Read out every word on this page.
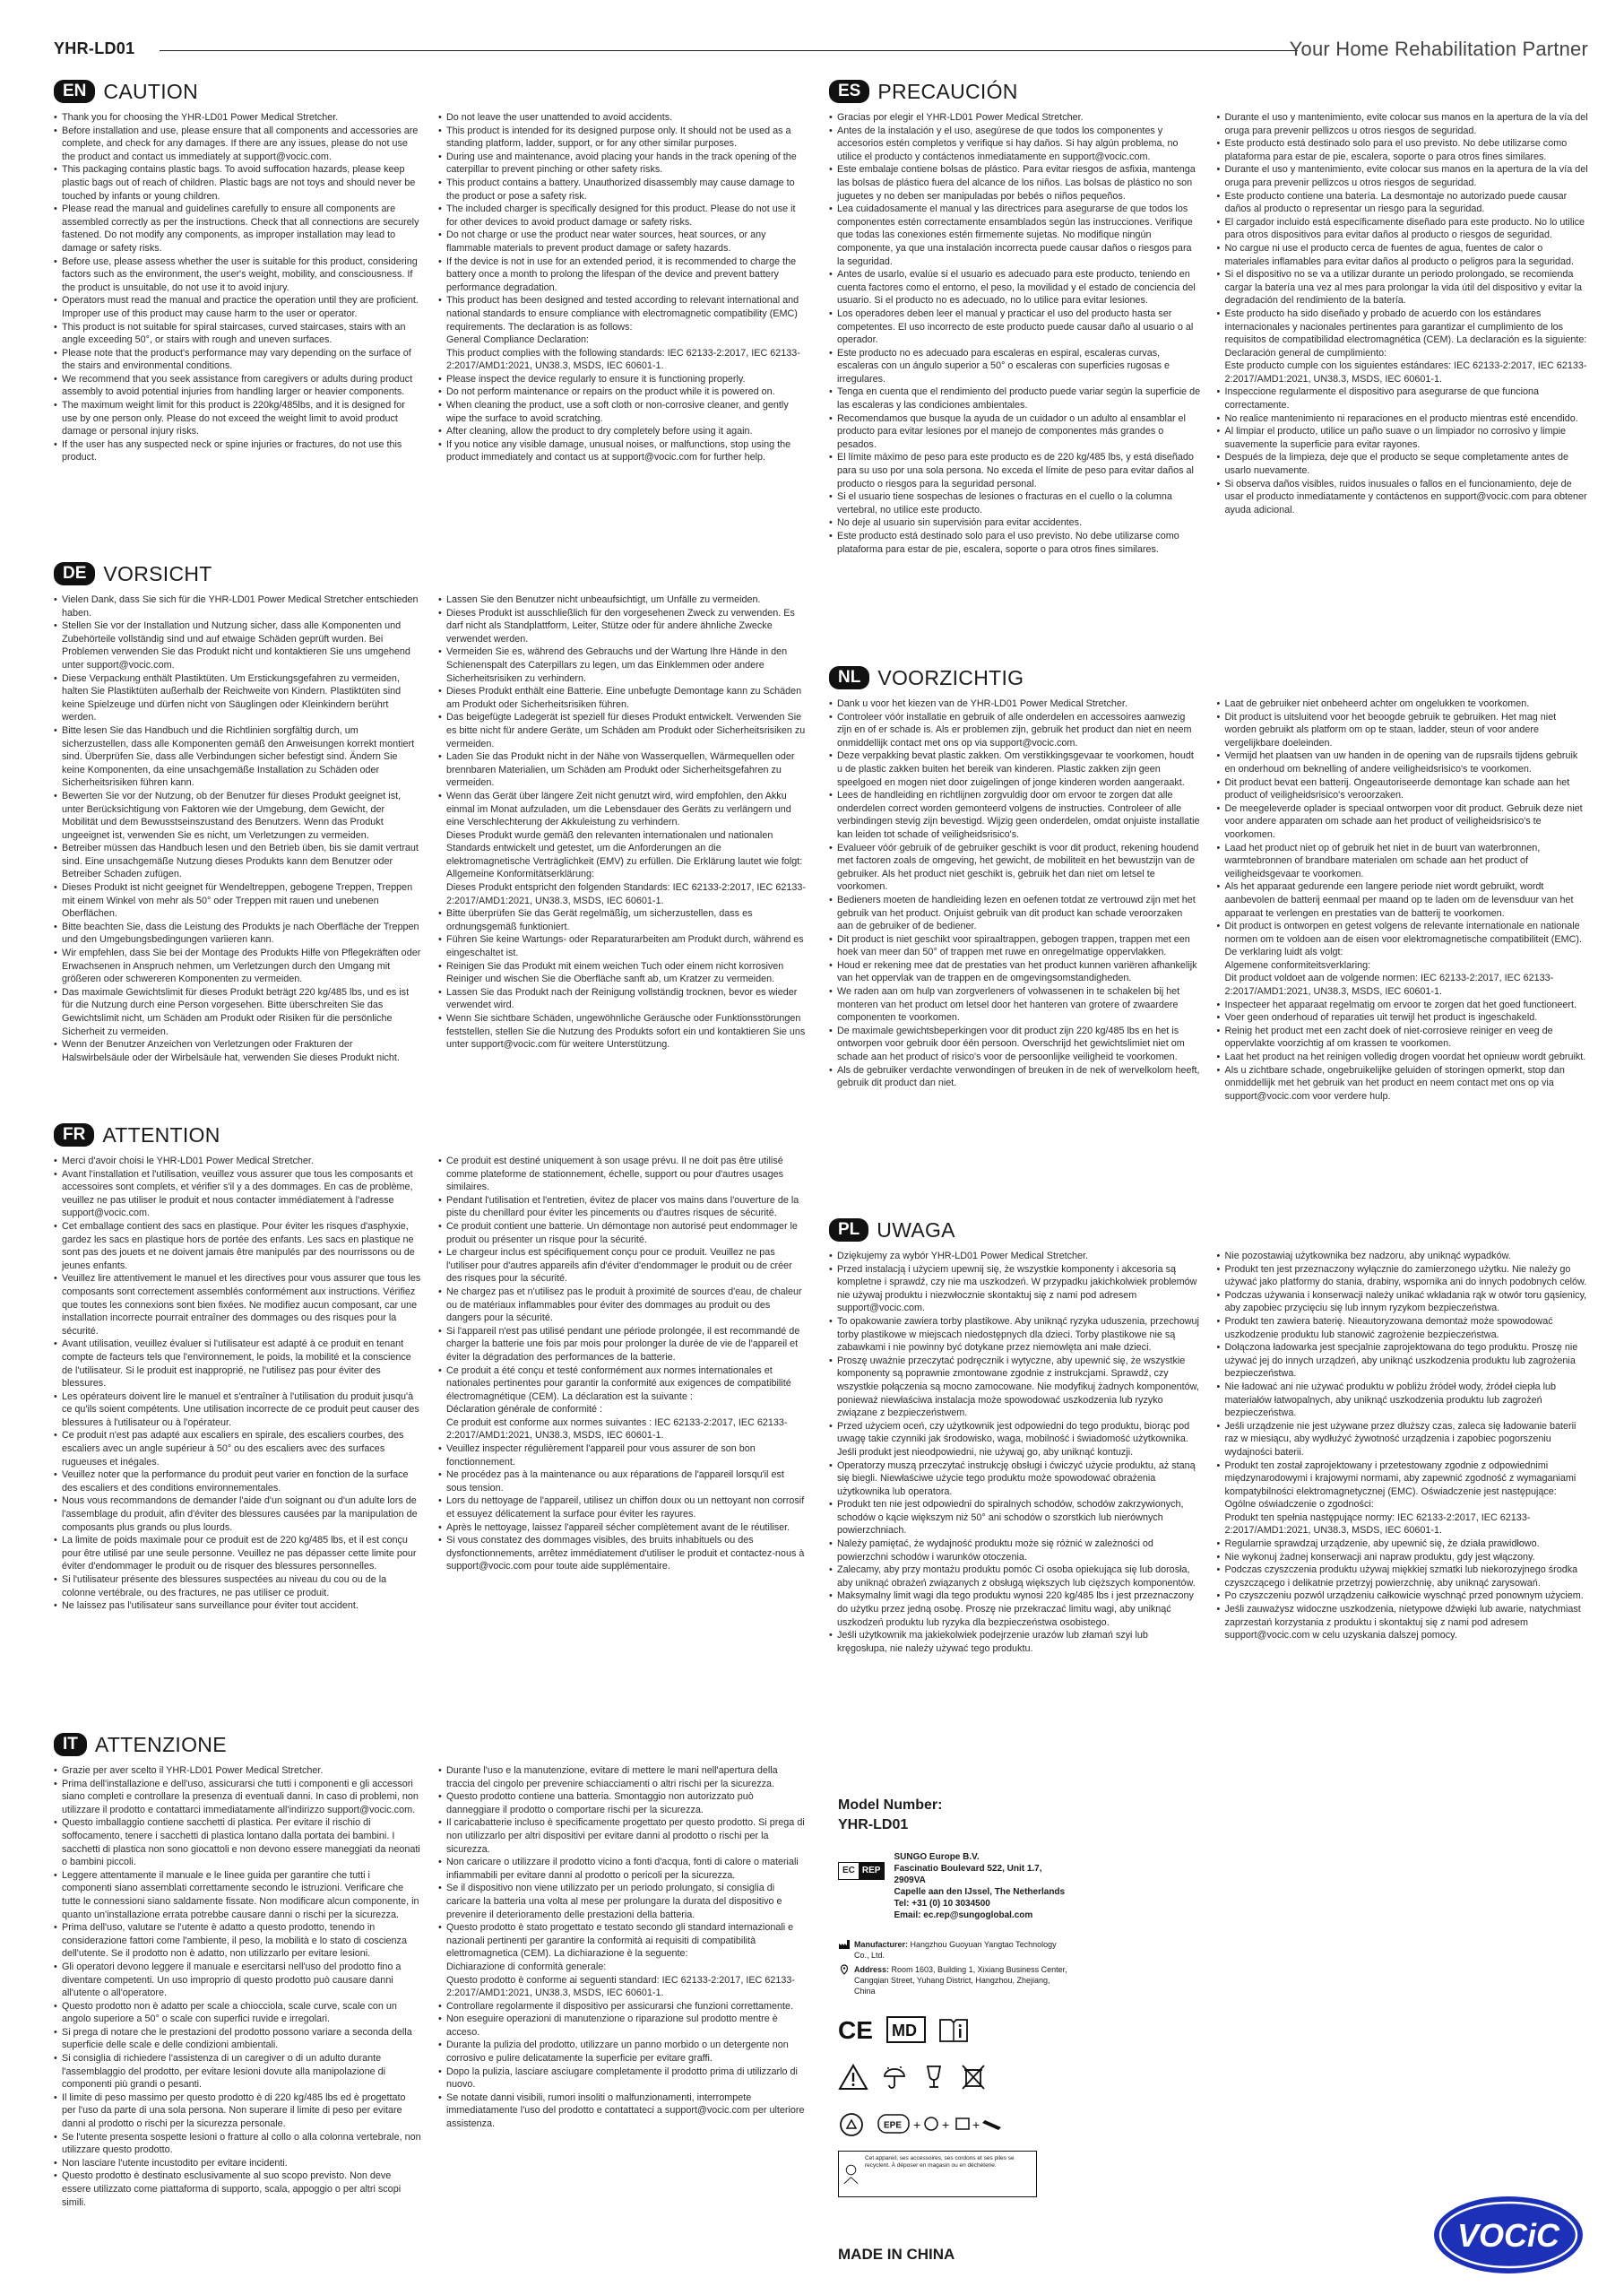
YHR-LD01	Your Home Rehabilitation Partner
EN CAUTION
• Thank you for choosing the YHR-LD01 Power Medical Stretcher.
• Before installation and use, please ensure that all components and accessories are complete, and check for any damages. If there are any issues, please do not use the product and contact us immediately at support@vocic.com.
• This packaging contains plastic bags. To avoid suffocation hazards, please keep plastic bags out of reach of children. Plastic bags are not toys and should never be touched by infants or young children.
• Please read the manual and guidelines carefully to ensure all components are assembled correctly as per the instructions. Check that all connections are securely fastened. Do not modify any components, as improper installation may lead to damage or safety risks.
• Before use, please assess whether the user is suitable for this product, considering factors such as the environment, the user's weight, mobility, and consciousness. If the product is unsuitable, do not use it to avoid injury.
• Operators must read the manual and practice the operation until they are proficient. Improper use of this product may cause harm to the user or operator.
• This product is not suitable for spiral staircases, curved staircases, stairs with an angle exceeding 50°, or stairs with rough and uneven surfaces.
• Please note that the product's performance may vary depending on the surface of the stairs and environmental conditions.
• We recommend that you seek assistance from caregivers or adults during product assembly to avoid potential injuries from handling larger or heavier components.
• The maximum weight limit for this product is 220kg/485lbs, and it is designed for use by one person only. Please do not exceed the weight limit to avoid product damage or personal injury risks.
• If the user has any suspected neck or spine injuries or fractures, do not use this product.
• Do not leave the user unattended to avoid accidents.
• This product is intended for its designed purpose only. It should not be used as a standing platform, ladder, support, or for any other similar purposes.
• During use and maintenance, avoid placing your hands in the track opening of the caterpillar to prevent pinching or other safety risks.
• This product contains a battery. Unauthorized disassembly may cause damage to the product or pose a safety risk.
• The included charger is specifically designed for this product. Please do not use it for other devices to avoid product damage or safety risks.
• Do not charge or use the product near water sources, heat sources, or any flammable materials to prevent product damage or safety hazards.
• If the device is not in use for an extended period, it is recommended to charge the battery once a month to prolong the lifespan of the device and prevent battery performance degradation.
• This product has been designed and tested according to relevant international and national standards to ensure compliance with electromagnetic compatibility (EMC) requirements. The declaration is as follows:
General Compliance Declaration:
This product complies with the following standards: IEC 62133-2:2017, IEC 62133-2:2017/AMD1:2021, UN38.3, MSDS, IEC 60601-1.
• Please inspect the device regularly to ensure it is functioning properly.
• Do not perform maintenance or repairs on the product while it is powered on.
• When cleaning the product, use a soft cloth or non-corrosive cleaner, and gently wipe the surface to avoid scratching.
• After cleaning, allow the product to dry completely before using it again.
• If you notice any visible damage, unusual noises, or malfunctions, stop using the product immediately and contact us at support@vocic.com for further help.
DE VORSICHT
• Vielen Dank, dass Sie sich für die YHR-LD01 Power Medical Stretcher entschieden haben.
• Stellen Sie vor der Installation und Nutzung sicher, dass alle Komponenten und Zubehörteile vollständig sind und auf etwaige Schäden geprüft wurden. Bei Problemen verwenden Sie das Produkt nicht und kontaktieren Sie uns umgehend unter support@vocic.com.
• Diese Verpackung enthält Plastiktüten. Um Erstickungsgefahren zu vermeiden, halten Sie Plastiktüten außerhalb der Reichweite von Kindern. Plastiktüten sind keine Spielzeuge und dürfen nicht von Säuglingen oder Kleinkindern berührt werden.
• Bitte lesen Sie das Handbuch und die Richtlinien sorgfältig durch, um sicherzustellen, dass alle Komponenten gemäß den Anweisungen korrekt montiert sind. Überprüfen Sie, dass alle Verbindungen sicher befestigt sind. Ändern Sie keine Komponenten, da eine unsachgemäße Installation zu Schäden oder Sicherheitsrisiken führen kann.
• Bewerten Sie vor der Nutzung, ob der Benutzer für dieses Produkt geeignet ist, unter Berücksichtigung von Faktoren wie der Umgebung, dem Gewicht, der Mobilität und dem Bewusstseinszustand des Benutzers. Wenn das Produkt ungeeignet ist, verwenden Sie es nicht, um Verletzungen zu vermeiden.
• Betreiber müssen das Handbuch lesen und den Betrieb üben, bis sie damit vertraut sind. Eine unsachgemäße Nutzung dieses Produkts kann dem Benutzer oder Betreiber Schaden zufügen.
• Dieses Produkt ist nicht geeignet für Wendeltreppen, gebogene Treppen, Treppen mit einem Winkel von mehr als 50° oder Treppen mit rauen und unebenen Oberflächen.
• Bitte beachten Sie, dass die Leistung des Produkts je nach Oberfläche der Treppen und den Umgebungsbedingungen variieren kann.
• Wir empfehlen, dass Sie bei der Montage des Produkts Hilfe von Pflegekräften oder Erwachsenen in Anspruch nehmen, um Verletzungen durch den Umgang mit größeren oder schwereren Komponenten zu vermeiden.
• Das maximale Gewichtslimit für dieses Produkt beträgt 220 kg/485 lbs, und es ist für die Nutzung durch eine Person vorgesehen. Bitte überschreiten Sie das Gewichtslimit nicht, um Schäden am Produkt oder Risiken für die persönliche Sicherheit zu vermeiden.
• Wenn der Benutzer Anzeichen von Verletzungen oder Frakturen der Halswirbelsäule oder der Wirbelsäule hat, verwenden Sie dieses Produkt nicht.
• Lassen Sie den Benutzer nicht unbeaufsichtigt, um Unfälle zu vermeiden.
• Dieses Produkt ist ausschließlich für den vorgesehenen Zweck zu verwenden. Es darf nicht als Standplattform, Leiter, Stütze oder für andere ähnliche Zwecke verwendet werden.
• Vermeiden Sie es, während des Gebrauchs und der Wartung Ihre Hände in den Schienenspalt des Caterpillars zu legen, um das Einklemmen oder andere Sicherheitsrisiken zu verhindern.
• Dieses Produkt enthält eine Batterie. Eine unbefugte Demontage kann zu Schäden am Produkt oder Sicherheitsrisiken führen.
• Das beigefügte Ladegerät ist speziell für dieses Produkt entwickelt. Verwenden Sie es bitte nicht für andere Geräte, um Schäden am Produkt oder Sicherheitsrisiken zu vermeiden.
• Laden Sie das Produkt nicht in der Nähe von Wasserquellen, Wärmequellen oder brennbaren Materialien, um Schäden am Produkt oder Sicherheitsgefahren zu vermeiden.
• Wenn das Gerät über längere Zeit nicht genutzt wird, wird empfohlen, den Akku einmal im Monat aufzuladen, um die Lebensdauer des Geräts zu verlängern und eine Verschlechterung der Akkuleistung zu verhindern.
Dieses Produkt wurde gemäß den relevanten internationalen und nationalen Standards entwickelt und getestet, um die Anforderungen an die elektromagnetische Verträglichkeit (EMV) zu erfüllen. Die Erklärung lautet wie folgt:
Allgemeine Konformitätserklärung:
Dieses Produkt entspricht den folgenden Standards: IEC 62133-2:2017, IEC 62133-2:2017/AMD1:2021, UN38.3, MSDS, IEC 60601-1.
• Bitte überprüfen Sie das Gerät regelmäßig, um sicherzustellen, dass es ordnungsgemäß funktioniert.
• Führen Sie keine Wartungs- oder Reparaturarbeiten am Produkt durch, während es eingeschaltet ist.
• Reinigen Sie das Produkt mit einem weichen Tuch oder einem nicht korrosiven Reiniger und wischen Sie die Oberfläche sanft ab, um Kratzer zu vermeiden.
• Lassen Sie das Produkt nach der Reinigung vollständig trocknen, bevor es wieder verwendet wird.
• Wenn Sie sichtbare Schäden, ungewöhnliche Geräusche oder Funktionsstörungen feststellen, stellen Sie die Nutzung des Produkts sofort ein und kontaktieren Sie uns unter support@vocic.com für weitere Unterstützung.
FR ATTENTION
• Merci d'avoir choisi le YHR-LD01 Power Medical Stretcher.
• Avant l'installation et l'utilisation, veuillez vous assurer que tous les composants et accessoires sont complets, et vérifier s'il y a des dommages. En cas de problème, veuillez ne pas utiliser le produit et nous contacter immédiatement à l'adresse support@vocic.com.
• Cet emballage contient des sacs en plastique. Pour éviter les risques d'asphyxie, gardez les sacs en plastique hors de portée des enfants. Les sacs en plastique ne sont pas des jouets et ne doivent jamais être manipulés par des nourrissons ou de jeunes enfants.
• Veuillez lire attentivement le manuel et les directives pour vous assurer que tous les composants sont correctement assemblés conformément aux instructions. Vérifiez que toutes les connexions sont bien fixées. Ne modifiez aucun composant, car une installation incorrecte pourrait entraîner des dommages ou des risques pour la sécurité.
• Avant utilisation, veuillez évaluer si l'utilisateur est adapté à ce produit en tenant compte de facteurs tels que l'environnement, le poids, la mobilité et la conscience de l'utilisateur. Si le produit est inapproprié, ne l'utilisez pas pour éviter des blessures.
• Les opérateurs doivent lire le manuel et s'entraîner à l'utilisation du produit jusqu'à ce qu'ils soient compétents. Une utilisation incorrecte de ce produit peut causer des blessures à l'utilisateur ou à l'opérateur.
• Ce produit n'est pas adapté aux escaliers en spirale, des escaliers courbes, des escaliers avec un angle supérieur à 50° ou des escaliers avec des surfaces rugueuses et inégales.
• Veuillez noter que la performance du produit peut varier en fonction de la surface des escaliers et des conditions environnementales.
• Nous vous recommandons de demander l'aide d'un soignant ou d'un adulte lors de l'assemblage du produit, afin d'éviter des blessures causées par la manipulation de composants plus grands ou plus lourds.
• La limite de poids maximale pour ce produit est de 220 kg/485 lbs, et il est conçu pour être utilisé par une seule personne. Veuillez ne pas dépasser cette limite pour éviter d'endommager le produit ou de risquer des blessures personnelles.
• Si l'utilisateur présente des blessures suspectées au niveau du cou ou de la colonne vertébrale, ou des fractures, ne pas utiliser ce produit.
• Ne laissez pas l'utilisateur sans surveillance pour éviter tout accident.
• Ce produit est destiné uniquement à son usage prévu. Il ne doit pas être utilisé comme plateforme de stationnement, échelle, support ou pour d'autres usages similaires.
• Pendant l'utilisation et l'entretien, évitez de placer vos mains dans l'ouverture de la piste du chenillard pour éviter les pincements ou d'autres risques de sécurité.
• Ce produit contient une batterie. Un démontage non autorisé peut endommager le produit ou présenter un risque pour la sécurité.
• Le chargeur inclus est spécifiquement conçu pour ce produit. Veuillez ne pas l'utiliser pour d'autres appareils afin d'éviter d'endommager le produit ou de créer des risques pour la sécurité.
• Ne chargez pas et n'utilisez pas le produit à proximité de sources d'eau, de chaleur ou de matériaux inflammables pour éviter des dommages au produit ou des dangers pour la sécurité.
• Si l'appareil n'est pas utilisé pendant une période prolongée, il est recommandé de charger la batterie une fois par mois pour prolonger la durée de vie de l'appareil et éviter la dégradation des performances de la batterie.
• Ce produit a été conçu et testé conformément aux normes internationales et nationales pertinentes pour garantir la conformité aux exigences de compatibilité électromagnétique (CEM). La déclaration est la suivante :
Déclaration générale de conformité :
Ce produit est conforme aux normes suivantes : IEC 62133-2:2017, IEC 62133-2:2017/AMD1:2021, UN38.3, MSDS, IEC 60601-1.
• Veuillez inspecter régulièrement l'appareil pour vous assurer de son bon fonctionnement.
• Ne procédez pas à la maintenance ou aux réparations de l'appareil lorsqu'il est sous tension.
• Lors du nettoyage de l'appareil, utilisez un chiffon doux ou un nettoyant non corrosif et essuyez délicatement la surface pour éviter les rayures.
• Après le nettoyage, laissez l'appareil sécher complètement avant de le réutiliser.
• Si vous constatez des dommages visibles, des bruits inhabituels ou des dysfonctionnements, arrêtez immédiatement d'utiliser le produit et contactez-nous à support@vocic.com pour toute aide supplémentaire.
IT ATTENZIONE
• Grazie per aver scelto il YHR-LD01 Power Medical Stretcher.
• Prima dell'installazione e dell'uso, assicurarsi che tutti i componenti e gli accessori siano completi e controllare la presenza di eventuali danni. In caso di problemi, non utilizzare il prodotto e contattarci immediatamente all'indirizzo support@vocic.com.
• Questo imballaggio contiene sacchetti di plastica. Per evitare il rischio di soffocamento, tenere i sacchetti di plastica lontano dalla portata dei bambini. I sacchetti di plastica non sono giocattoli e non devono essere maneggiati da neonati o bambini piccoli.
• Leggere attentamente il manuale e le linee guida per garantire che tutti i componenti siano assemblati correttamente secondo le istruzioni. Verificare che tutte le connessioni siano saldamente fissate. Non modificare alcun componente, in quanto un'installazione errata potrebbe causare danni o rischi per la sicurezza.
• Prima dell'uso, valutare se l'utente è adatto a questo prodotto, tenendo in considerazione fattori come l'ambiente, il peso, la mobilità e lo stato di coscienza dell'utente. Se il prodotto non è adatto, non utilizzarlo per evitare lesioni.
• Gli operatori devono leggere il manuale e esercitarsi nell'uso del prodotto fino a diventare competenti. Un uso improprio di questo prodotto può causare danni all'utente o all'operatore.
• Questo prodotto non è adatto per scale a chiocciola, scale curve, scale con un angolo superiore a 50° o scale con superfici ruvide e irregolari.
• Si prega di notare che le prestazioni del prodotto possono variare a seconda della superficie delle scale e delle condizioni ambientali.
• Si consiglia di richiedere l'assistenza di un caregiver o di un adulto durante l'assemblaggio del prodotto, per evitare lesioni dovute alla manipolazione di componenti più grandi o pesanti.
• Il limite di peso massimo per questo prodotto è di 220 kg/485 lbs ed è progettato per l'uso da parte di una sola persona. Non superare il limite di peso per evitare danni al prodotto o rischi per la sicurezza personale.
• Se l'utente presenta sospette lesioni o fratture al collo o alla colonna vertebrale, non utilizzare questo prodotto.
• Non lasciare l'utente incustodito per evitare incidenti.
• Questo prodotto è destinato esclusivamente al suo scopo previsto. Non deve essere utilizzato come piattaforma di supporto, scala, appoggio o per altri scopi simili.
• Durante l'uso e la manutenzione, evitare di mettere le mani nell'apertura della traccia del cingolo per prevenire schiacciamenti o altri rischi per la sicurezza.
• Questo prodotto contiene una batteria. Smontaggio non autorizzato può danneggiare il prodotto o comportare rischi per la sicurezza.
• Il caricabatterie incluso è specificamente progettato per questo prodotto. Si prega di non utilizzarlo per altri dispositivi per evitare danni al prodotto o rischi per la sicurezza.
• Non caricare o utilizzare il prodotto vicino a fonti d'acqua, fonti di calore o materiali infiammabili per evitare danni al prodotto o pericoli per la sicurezza.
• Se il dispositivo non viene utilizzato per un periodo prolungato, si consiglia di caricare la batteria una volta al mese per prolungare la durata del dispositivo e prevenire il deterioramento delle prestazioni della batteria.
• Questo prodotto è stato progettato e testato secondo gli standard internazionali e nazionali pertinenti per garantire la conformità ai requisiti di compatibilità elettromagnetica (CEM). La dichiarazione è la seguente:
Dichiarazione di conformità generale:
Questo prodotto è conforme ai seguenti standard: IEC 62133-2:2017, IEC 62133-2:2017/AMD1:2021, UN38.3, MSDS, IEC 60601-1.
• Controllare regolarmente il dispositivo per assicurarsi che funzioni correttamente.
• Non eseguire operazioni di manutenzione o riparazione sul prodotto mentre è acceso.
• Durante la pulizia del prodotto, utilizzare un panno morbido o un detergente non corrosivo e pulire delicatamente la superficie per evitare graffi.
• Dopo la pulizia, lasciare asciugare completamente il prodotto prima di utilizzarlo di nuovo.
• Se notate danni visibili, rumori insoliti o malfunzionamenti, interrompete immediatamente l'uso del prodotto e contattateci a support@vocic.com per ulteriore assistenza.
ES PRECAUCIÓN
• Gracias por elegir el YHR-LD01 Power Medical Stretcher.
• Antes de la instalación y el uso, asegúrese de que todos los componentes y accesorios estén completos y verifique si hay daños. Si hay algún problema, no utilice el producto y contáctenos inmediatamente en support@vocic.com.
• Este embalaje contiene bolsas de plástico. Para evitar riesgos de asfixia, mantenga las bolsas de plástico fuera del alcance de los niños. Las bolsas de plástico no son juguetes y no deben ser manipuladas por bebés o niños pequeños.
• Lea cuidadosamente el manual y las directrices para asegurarse de que todos los componentes estén correctamente ensamblados según las instrucciones. Verifique que todas las conexiones estén firmemente sujetas. No modifique ningún componente, ya que una instalación incorrecta puede causar daños o riesgos para la seguridad.
• Antes de usarlo, evalúe si el usuario es adecuado para este producto, teniendo en cuenta factores como el entorno, el peso, la movilidad y el estado de conciencia del usuario. Si el producto no es adecuado, no lo utilice para evitar lesiones.
• Los operadores deben leer el manual y practicar el uso del producto hasta ser competentes. El uso incorrecto de este producto puede causar daño al usuario o al operador.
• Este producto no es adecuado para escaleras en espiral, escaleras curvas, escaleras con un ángulo superior a 50° o escaleras con superficies rugosas e irregulares.
• Tenga en cuenta que el rendimiento del producto puede variar según la superficie de las escaleras y las condiciones ambientales.
• Recomendamos que busque la ayuda de un cuidador o un adulto al ensamblar el producto para evitar lesiones por el manejo de componentes más grandes o pesados.
• El límite máximo de peso para este producto es de 220 kg/485 lbs, y está diseñado para su uso por una sola persona. No exceda el límite de peso para evitar daños al producto o riesgos para la seguridad personal.
• Si el usuario tiene sospechas de lesiones o fracturas en el cuello o la columna vertebral, no utilice este producto.
• No deje al usuario sin supervisión para evitar accidentes.
• Este producto está destinado solo para el uso previsto. No debe utilizarse como plataforma para estar de pie, escalera, soporte o para otros fines similares.
• Durante el uso y mantenimiento, evite colocar sus manos en la apertura de la vía del oruga para prevenir pellizcos u otros riesgos de seguridad.
• Este producto está destinado solo para el uso previsto. No debe utilizarse como plataforma para estar de pie, escalera, soporte o para otros fines similares.
• Durante el uso y mantenimiento, evite colocar sus manos en la apertura de la vía del oruga para prevenir pellizcos u otros riesgos de seguridad.
• Este producto contiene una batería. La desmontaje no autorizado puede causar daños al producto o representar un riesgo para la seguridad.
• El cargador incluido está específicamente diseñado para este producto. No lo utilice para otros dispositivos para evitar daños al producto o riesgos de seguridad.
• No cargue ni use el producto cerca de fuentes de agua, fuentes de calor o materiales inflamables para evitar daños al producto o peligros para la seguridad.
• Si el dispositivo no se va a utilizar durante un periodo prolongado, se recomienda cargar la batería una vez al mes para prolongar la vida útil del dispositivo y evitar la degradación del rendimiento de la batería.
• Este producto ha sido diseñado y probado de acuerdo con los estándares internacionales y nacionales pertinentes para garantizar el cumplimiento de los requisitos de compatibilidad electromagnética (CEM). La declaración es la siguiente:
Declaración general de cumplimiento:
Este producto cumple con los siguientes estándares: IEC 62133-2:2017, IEC 62133-2:2017/AMD1:2021, UN38.3, MSDS, IEC 60601-1.
• Inspeccione regularmente el dispositivo para asegurarse de que funciona correctamente.
• No realice mantenimiento ni reparaciones en el producto mientras esté encendido.
• Al limpiar el producto, utilice un paño suave o un limpiador no corrosivo y limpie suavemente la superficie para evitar rayones.
• Después de la limpieza, deje que el producto se seque completamente antes de usarlo nuevamente.
• Si observa daños visibles, ruidos inusuales o fallos en el funcionamiento, deje de usar el producto inmediatamente y contáctenos en support@vocic.com para obtener ayuda adicional.
NL VOORZICHTIG
• Dank u voor het kiezen van de YHR-LD01 Power Medical Stretcher.
• Controleer vóór installatie en gebruik of alle onderdelen en accessoires aanwezig zijn en of er schade is. Als er problemen zijn, gebruik het product dan niet en neem onmiddellijk contact met ons op via support@vocic.com.
• Deze verpakking bevat plastic zakken. Om verstikkingsgevaar te voorkomen, houdt u de plastic zakken buiten het bereik van kinderen. Plastic zakken zijn geen speelgoed en mogen niet door zuigelingen of jonge kinderen worden aangeraakt.
• Lees de handleiding en richtlijnen zorgvuldig door om ervoor te zorgen dat alle onderdelen correct worden gemonteerd volgens de instructies. Controleer of alle verbindingen stevig zijn bevestigd. Wijzig geen onderdelen, omdat onjuiste installatie kan leiden tot schade of veiligheidsrisico's.
• Evalueer vóór gebruik of de gebruiker geschikt is voor dit product, rekening houdend met factoren zoals de omgeving, het gewicht, de mobiliteit en het bewustzijn van de gebruiker. Als het product niet geschikt is, gebruik het dan niet om letsel te voorkomen.
• Bedieners moeten de handleiding lezen en oefenen totdat ze vertrouwd zijn met het gebruik van het product. Onjuist gebruik van dit product kan schade veroorzaken aan de gebruiker of de bediener.
• Dit product is niet geschikt voor spiraaltrappen, gebogen trappen, trappen met een hoek van meer dan 50° of trappen met ruwe en onregelmatige oppervlakken.
• Houd er rekening mee dat de prestaties van het product kunnen variëren afhankelijk van het oppervlak van de trappen en de omgevingsomstandigheden.
• We raden aan om hulp van zorgverleners of volwassenen in te schakelen bij het monteren van het product om letsel door het hanteren van grotere of zwaardere componenten te voorkomen.
• De maximale gewichtsbeperkingen voor dit product zijn 220 kg/485 lbs en het is ontworpen voor gebruik door één persoon. Overschrijd het gewichtslimiet niet om schade aan het product of risico's voor de persoonlijke veiligheid te voorkomen.
• Als de gebruiker verdachte verwondingen of breuken in de nek of wervelkolom heeft, gebruik dit product dan niet.
• Laat de gebruiker niet onbeheerd achter om ongelukken te voorkomen.
• Dit product is uitsluitend voor het beoogde gebruik te gebruiken. Het mag niet worden gebruikt als platform om op te staan, ladder, steun of voor andere vergelijkbare doeleinden.
• Vermijd het plaatsen van uw handen in de opening van de rupsrails tijdens gebruik en onderhoud om beknelling of andere veiligheidsrisico's te voorkomen.
• Dit product bevat een batterij. Ongeautoriseerde demontage kan schade aan het product of veiligheidsrisico's veroorzaken.
• De meegeleverde oplader is speciaal ontworpen voor dit product. Gebruik deze niet voor andere apparaten om schade aan het product of veiligheidsrisico's te voorkomen.
• Laad het product niet op of gebruik het niet in de buurt van waterbronnen, warmtebronnen of brandbare materialen om schade aan het product of veiligheidsgevaar te voorkomen.
• Als het apparaat gedurende een langere periode niet wordt gebruikt, wordt aanbevolen de batterij eenmaal per maand op te laden om de levensduur van het apparaat te verlengen en prestaties van de batterij te voorkomen.
• Dit product is ontworpen en getest volgens de relevante internationale en nationale normen om te voldoen aan de eisen voor elektromagnetische compatibiliteit (EMC). De verklaring luidt als volgt:
Algemene conformiteitsverklaring:
Dit product voldoet aan de volgende normen: IEC 62133-2:2017, IEC 62133-2:2017/AMD1:2021, UN38.3, MSDS, IEC 60601-1.
• Inspecteer het apparaat regelmatig om ervoor te zorgen dat het goed functioneert.
• Voer geen onderhoud of reparaties uit terwijl het product is ingeschakeld.
• Reinig het product met een zacht doek of niet-corrosieve reiniger en veeg de oppervlakte voorzichtig af om krassen te voorkomen.
• Laat het product na het reinigen volledig drogen voordat het opnieuw wordt gebruikt.
• Als u zichtbare schade, ongebruikelijke geluiden of storingen opmerkt, stop dan onmiddellijk met het gebruik van het product en neem contact met ons op via support@vocic.com voor verdere hulp.
PL UWAGA
• Dziękujemy za wybór YHR-LD01 Power Medical Stretcher.
• Przed instalacją i użyciem upewnij się, że wszystkie komponenty i akcesoria są kompletne i sprawdź, czy nie ma uszkodzeń. W przypadku jakichkolwiek problemów nie używaj produktu i niezwłocznie skontaktuj się z nami pod adresem support@vocic.com.
• To opakowanie zawiera torby plastikowe. Aby uniknąć ryzyka uduszenia, przechowuj torby plastikowe w miejscach niedostępnych dla dzieci. Torby plastikowe nie są zabawkami i nie powinny być dotykane przez niemowlęta ani małe dzieci.
• Proszę uważnie przeczytać podręcznik i wytyczne, aby upewnić się, że wszystkie komponenty są poprawnie zmontowane zgodnie z instrukcjami. Sprawdź, czy wszystkie połączenia są mocno zamocowane. Nie modyfikuj żadnych komponentów, ponieważ niewłaściwa instalacja może spowodować uszkodzenia lub ryzyko związane z bezpieczeństwem.
• Przed użyciem oceń, czy użytkownik jest odpowiedni do tego produktu, biorąc pod uwagę takie czynniki jak środowisko, waga, mobilność i świadomość użytkownika. Jeśli produkt jest nieodpowiedni, nie używaj go, aby uniknąć kontuzji.
• Operatorzy muszą przeczytać instrukcję obsługi i ćwiczyć użycie produktu, aż staną się biegli. Niewłaściwe użycie tego produktu może spowodować obrażenia użytkownika lub operatora.
• Produkt ten nie jest odpowiedni do spiralnych schodów, schodów zakrzywionych, schodów o kącie większym niż 50° ani schodów o szorstkich lub nierównych powierzchniach.
• Należy pamiętać, że wydajność produktu może się różnić w zależności od powierzchni schodów i warunków otoczenia.
• Zalecamy, aby przy montażu produktu pomóc Ci osoba opiekująca się lub dorosła, aby uniknąć obrażeń związanych z obsługą większych lub cięższych komponentów.
• Maksymalny limit wagi dla tego produktu wynosi 220 kg/485 lbs i jest przeznaczony do użytku przez jedną osobę. Proszę nie przekraczać limitu wagi, aby uniknąć uszkodzeń produktu lub ryzyka dla bezpieczeństwa osobistego.
• Jeśli użytkownik ma jakiekolwiek podejrzenie urazów lub złamań szyi lub kręgosłupa, nie należy używać tego produktu.
• Nie pozostawiaj użytkownika bez nadzoru, aby uniknąć wypadków.
• Produkt ten jest przeznaczony wyłącznie do zamierzonego użytku. Nie należy go używać jako platformy do stania, drabiny, wspornika ani do innych podobnych celów.
• Podczas używania i konserwacji należy unikać wkładania rąk w otwór toru gąsienicy, aby zapobiec przycięciu się lub innym ryzykom bezpieczeństwa.
• Produkt ten zawiera baterię. Nieautoryzowana demontaż może spowodować uszkodzenie produktu lub stanowić zagrożenie bezpieczeństwa.
• Dołączona ładowarka jest specjalnie zaprojektowana do tego produktu. Proszę nie używać jej do innych urządzeń, aby uniknąć uszkodzenia produktu lub zagrożenia bezpieczeństwa.
• Nie ładować ani nie używać produktu w pobliżu źródeł wody, źródeł ciepła lub materiałów łatwopalnych, aby uniknąć uszkodzenia produktu lub zagrożeń bezpieczeństwa.
• Jeśli urządzenie nie jest używane przez dłuższy czas, zaleca się ładowanie baterii raz w miesiącu, aby wydłużyć żywotność urządzenia i zapobiec pogorszeniu wydajności baterii.
• Produkt ten został zaprojektowany i przetestowany zgodnie z odpowiednimi międzynarodowymi i krajowymi normami, aby zapewnić zgodność z wymaganiami kompatybilności elektromagnetycznej (EMC). Oświadczenie jest następujące:
Ogólne oświadczenie o zgodności:
Produkt ten spełnia następujące normy: IEC 62133-2:2017, IEC 62133-2:2017/AMD1:2021, UN38.3, MSDS, IEC 60601-1.
• Regularnie sprawdzaj urządzenie, aby upewnić się, że działa prawidłowo.
• Nie wykonuj żadnej konserwacji ani napraw produktu, gdy jest włączony.
• Podczas czyszczenia produktu używaj miękkiej szmatki lub niekorozyjnego środka czyszczącego i delikatnie przetrzyj powierzchnię, aby uniknąć zarysowań.
• Po czyszczeniu pozwól urządzeniu całkowicie wyschnąć przed ponownym użyciem.
• Jeśli zauważysz widoczne uszkodzenia, nietypowe dźwięki lub awarie, natychmiast zaprzestań korzystania z produktu i skontaktuj się z nami pod adresem support@vocic.com w celu uzyskania dalszej pomocy.
Model Number:
YHR-LD01
EC REP
SUNGO Europe B.V.
Fascinatio Boulevard 522, Unit 1.7, 2909VA
Capelle aan den IJssel, The Netherlands
Tel: +31 (0) 10 3034500
Email: ec.rep@sungoglobal.com
Manufacturer: Hangzhou Guoyuan Yangtao Technology Co., Ltd.
Address: Room 1603, Building 1, Xixiang Business Center, Cangqian Street, Yuhang District, Hangzhou, Zhejiang, China
CE MD
EPE + + +
Cet appareil, ses accessoires, ses cordons et ses piles se recyclent. À déposer en magasin ou en déchèterie.
MADE IN CHINA
VOCiC
